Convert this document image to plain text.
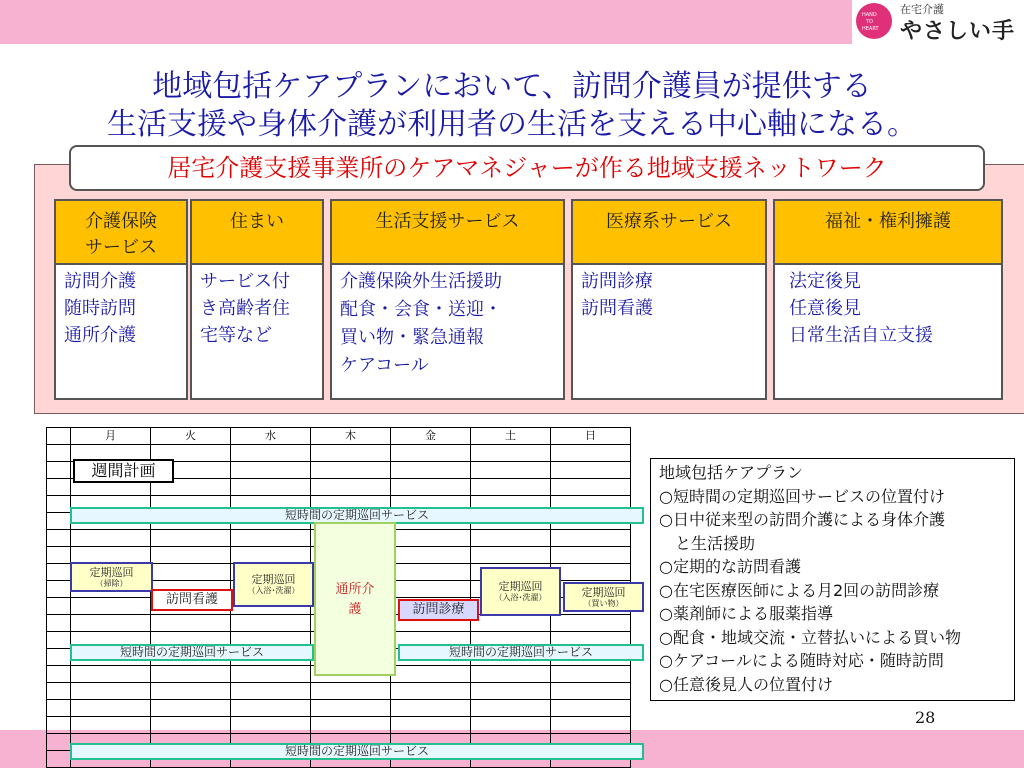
HAND
TO
HEART
在宅介護
やさしい手
地域包括ケアプランにおいて、訪問介護員が提供する
生活支援や身体介護が利用者の生活を支える中心軸になる。
居宅介護支援事業所のケアマネジャーが作る地域支援ネットワーク
介護保険
サービス
訪問介護
随時訪問
通所介護
住まい
サービス付
き高齢者住
宅等など
生活支援サービス
介護保険外生活援助
配食・会食・送迎・
買い物・緊急通報
ケアコール
医療系サービス
訪問診療
訪問看護
福祉・権利擁護
法定後見
任意後見
日常生活自立支援
	月	火	水	木	金	土	日

週間計画
短時間の定期巡回サービス
通所介護
定期巡回
（掃除）	定期巡回
（入浴･洗濯）	定期巡回
（入浴･洗濯）	定期巡回
（買い物）
訪問看護
訪問診療
短時間の定期巡回サービス	短時間の定期巡回サービス
短時間の定期巡回サービス
地域包括ケアプラン
○短時間の定期巡回サービスの位置付け
○日中従来型の訪問介護による身体介護
　と生活援助
○定期的な訪問看護
○在宅医療医師による月2回の訪問診療
○薬剤師による服薬指導
○配食・地域交流・立替払いによる買い物
○ケアコールによる随時対応・随時訪問
○任意後見人の位置付け
28
